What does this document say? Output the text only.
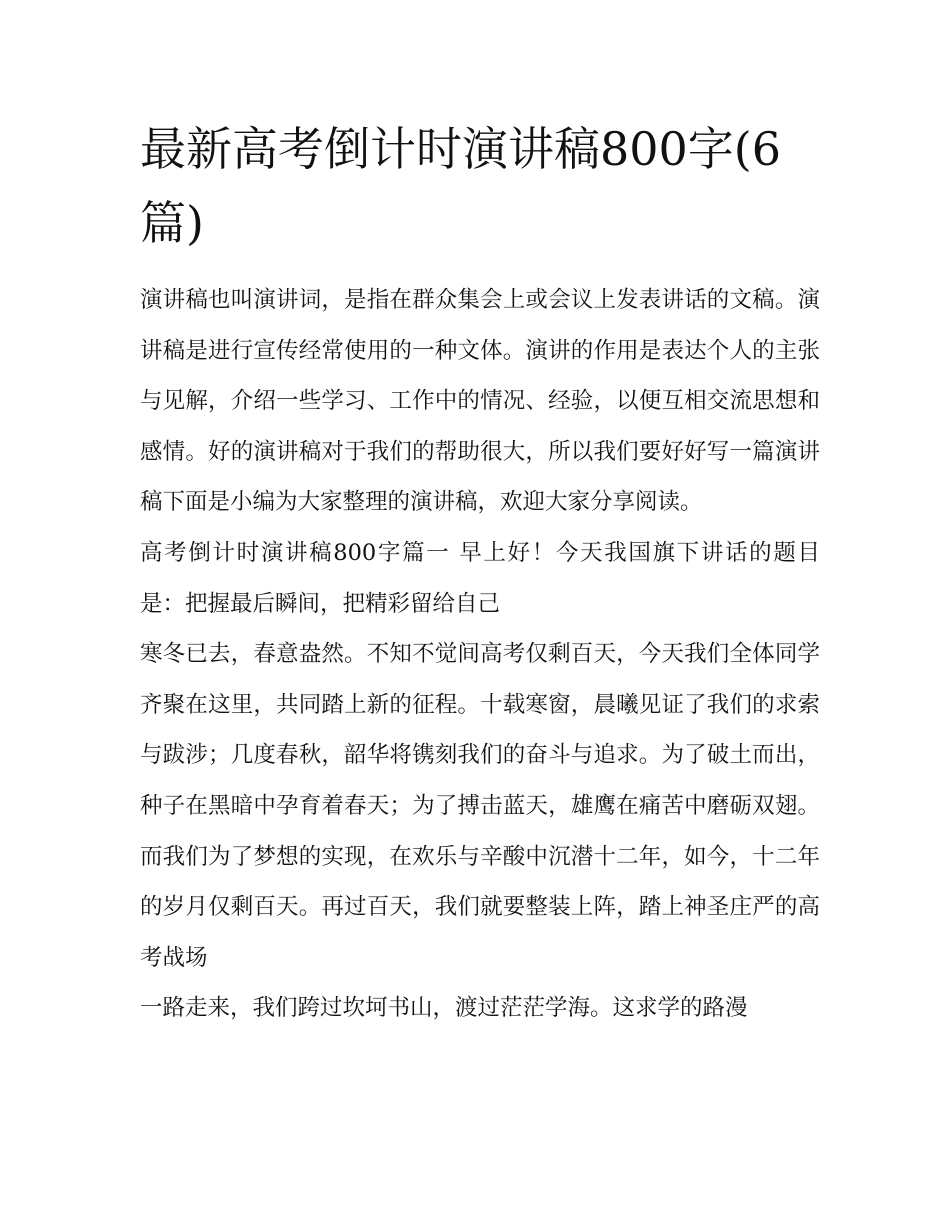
最新高考倒计时演讲稿800字(6篇)

演讲稿也叫演讲词，是指在群众集会上或会议上发表讲话的文稿。演讲稿是进行宣传经常使用的一种文体。演讲的作用是表达个人的主张与见解，介绍一些学习、工作中的情况、经验，以便互相交流思想和感情。好的演讲稿对于我们的帮助很大，所以我们要好好写一篇演讲稿下面是小编为大家整理的演讲稿，欢迎大家分享阅读。

高考倒计时演讲稿800字篇一 早上好！今天我国旗下讲话的题目是：把握最后瞬间，把精彩留给自己

寒冬已去，春意盎然。不知不觉间高考仅剩百天，今天我们全体同学齐聚在这里，共同踏上新的征程。十载寒窗，晨曦见证了我们的求索与跋涉；几度春秋，韶华将镌刻我们的奋斗与追求。为了破土而出，种子在黑暗中孕育着春天；为了搏击蓝天，雄鹰在痛苦中磨砺双翅。而我们为了梦想的实现，在欢乐与辛酸中沉潜十二年，如今，十二年的岁月仅剩百天。再过百天，我们就要整装上阵，踏上神圣庄严的高考战场

一路走来，我们跨过坎坷书山，渡过茫茫学海。这求学的路漫
